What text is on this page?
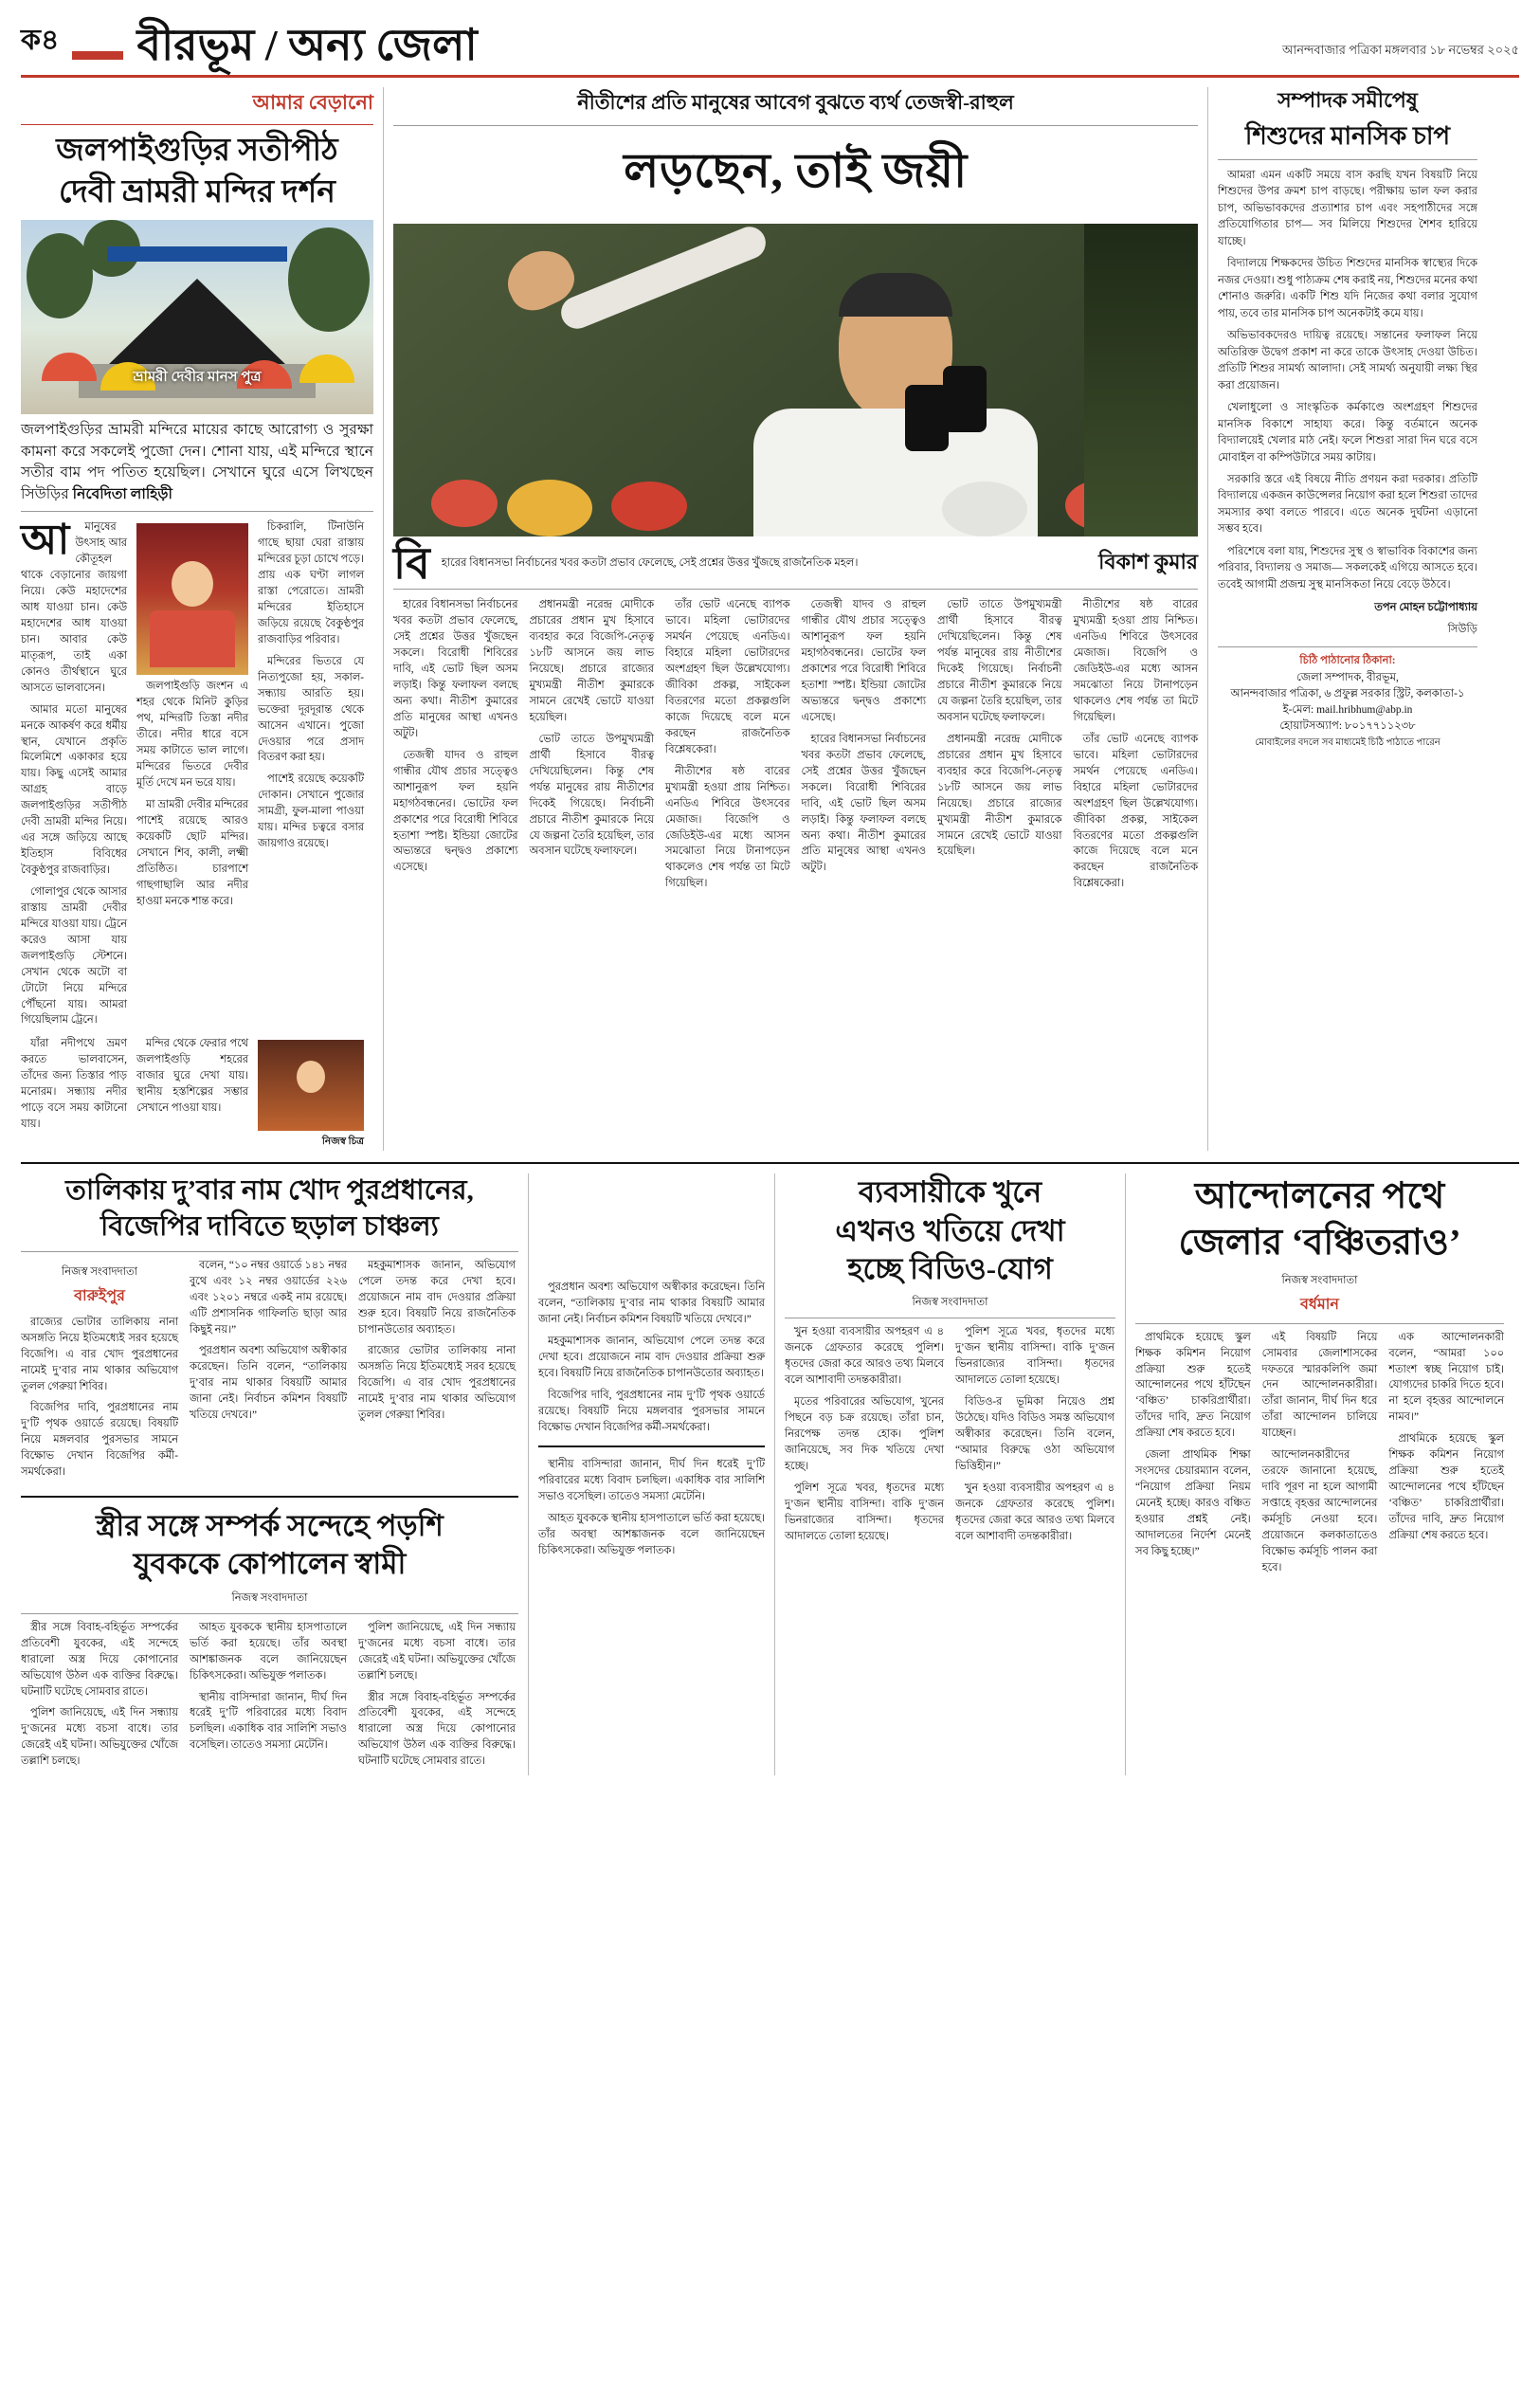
ক৪ বীরভূম / অন্য জেলা	আনন্দবাজার পত্রিকা মঙ্গলবার ১৮ নভেম্বর ২০২৫
আমার বেড়ানো
জলপাইগুড়ির সতীপীঠ
দেবী ভ্রামরী মন্দির দর্শন

ভ্রামরী দেবীর মানস পুত্র
জলপাইগুড়ির ভ্রামরী মন্দিরে মায়ের কাছে আরোগ্য ও সুরক্ষা কামনা করে সকলেই পুজো দেন। শোনা যায়, এই মন্দিরে স্থানে সতীর বাম পদ পতিত হয়েছিল। সেখানে ঘুরে এসে লিখছেন সিউড়ির নিবেদিতা লাহিড়ী
আ	মানুষের উৎসাহ আর কৌতূহল থাকে বেড়ানোর জায়গা নিয়ে। কেউ মহাদেশের আধ যাওয়া চান। কেউ মহাদেশের আধ যাওয়া চান। আবার কেউ মাতৃরূপ, তাই একা কোনও তীর্থস্থানে ঘুরে আসতে ভালবাসেন।

আমার মতো মানুষের মনকে আকর্ষণ করে ধর্মীয় স্থান, যেখানে প্রকৃতি মিলেমিশে একাকার হয়ে যায়। কিছু এসেই আমার আগ্রহ বাড়ে জলপাইগুড়ির সতীপীঠ দেবী ভ্রামরী মন্দির নিয়ে। এর সঙ্গে জড়িয়ে আছে ইতিহাস বিবিধের বৈকুণ্ঠপুর রাজবাড়ির।

গোলাপুর থেকে আসার রাস্তায় ভ্রামরী দেবীর মন্দিরে যাওয়া যায়। ট্রেনে করেও আসা যায় জলপাইগুড়ি স্টেশনে। সেখান থেকে অটো বা টোটো নিয়ে মন্দিরে পৌঁছনো যায়। আমরা গিয়েছিলাম ট্রেনে।

জলপাইগুড়ি জংশন এ শহর থেকে মিনিট কুড়ির পথ, মন্দিরটি তিস্তা নদীর তীরে। নদীর ধারে বসে সময় কাটাতে ভাল লাগে। মন্দিরের ভিতরে দেবীর মূর্তি দেখে মন ভরে যায়।

মা ভ্রামরী দেবীর মন্দিরের পাশেই রয়েছে আরও কয়েকটি ছোট মন্দির। সেখানে শিব, কালী, লক্ষ্মী প্রতিষ্ঠিত। চারপাশে গাছগাছালি আর নদীর হাওয়া মনকে শান্ত করে।

চিকরালি, টিনাউনি গাছে ছায়া ঘেরা রাস্তায় মন্দিরের চূড়া চোখে পড়ে। প্রায় এক ঘণ্টা লাগল রাস্তা পেরোতে। ভ্রামরী মন্দিরের ইতিহাসে জড়িয়ে রয়েছে বৈকুণ্ঠপুর রাজবাড়ির পরিবার।

মন্দিরের ভিতরে যে নিত্যপুজো হয়, সকাল-সন্ধ্যায় আরতি হয়। ভক্তেরা দূরদূরান্ত থেকে আসেন এখানে। পুজো দেওয়ার পরে প্রসাদ বিতরণ করা হয়।

পাশেই রয়েছে কয়েকটি দোকান। সেখানে পুজোর সামগ্রী, ফুল-মালা পাওয়া যায়। মন্দির চত্বরে বসার জায়গাও রয়েছে।

যাঁরা নদীপথে ভ্রমণ করতে ভালবাসেন, তাঁদের জন্য তিস্তার পাড় মনোরম। সন্ধ্যায় নদীর পাড়ে বসে সময় কাটানো যায়।

মন্দির থেকে ফেরার পথে জলপাইগুড়ি শহরের বাজার ঘুরে দেখা যায়। স্থানীয় হস্তশিল্পের সম্ভার সেখানে পাওয়া যায়।

নিজস্ব চিত্র
নীতীশের প্রতি মানুষের আবেগ বুঝতে ব্যর্থ তেজস্বী-রাহুল
লড়ছেন, তাই জয়ী
বি হারের বিধানসভা নির্বাচনের খবর কতটা প্রভাব ফেলেছে, সেই প্রশ্নের উত্তর খুঁজছে রাজনৈতিক মহল।	বিকাশ কুমার

হারের বিধানসভা নির্বাচনের খবর কতটা প্রভাব ফেলেছে, সেই প্রশ্নের উত্তর খুঁজছেন সকলে। বিরোধী শিবিরের দাবি, এই ভোট ছিল অসম লড়াই। কিন্তু ফলাফল বলছে অন্য কথা। নীতীশ কুমারের প্রতি মানুষের আস্থা এখনও অটুট।

তেজস্বী যাদব ও রাহুল গান্ধীর যৌথ প্রচার সত্ত্বেও আশানুরূপ ফল হয়নি মহাগঠবন্ধনের। ভোটের ফল প্রকাশের পরে বিরোধী শিবিরে হতাশা স্পষ্ট। ইন্ডিয়া জোটের অভ্যন্তরে দ্বন্দ্বও প্রকাশ্যে এসেছে।

প্রধানমন্ত্রী নরেন্দ্র মোদীকে প্রচারের প্রধান মুখ হিসাবে ব্যবহার করে বিজেপি-নেতৃত্ব ১৮টি আসনে জয় লাভ নিয়েছে। প্রচারে রাজ্যের মুখ্যমন্ত্রী নীতীশ কুমারকে সামনে রেখেই ভোটে যাওয়া হয়েছিল।

ভোট তাতে উপমুখ্যমন্ত্রী প্রার্থী হিসাবে বীরত্ব দেখিয়েছিলেন। কিন্তু শেষ পর্যন্ত মানুষের রায় নীতীশের দিকেই গিয়েছে। নির্বাচনী প্রচারে নীতীশ কুমারকে নিয়ে যে জল্পনা তৈরি হয়েছিল, তার অবসান ঘটেছে ফলাফলে।

তাঁর ভোট এনেছে ব্যাপক ভাবে। মহিলা ভোটারদের সমর্থন পেয়েছে এনডিএ। বিহারে মহিলা ভোটারদের অংশগ্রহণ ছিল উল্লেখযোগ্য। জীবিকা প্রকল্প, সাইকেল বিতরণের মতো প্রকল্পগুলি কাজে দিয়েছে বলে মনে করছেন রাজনৈতিক বিশ্লেষকেরা।

নীতীশের ষষ্ঠ বারের মুখ্যমন্ত্রী হওয়া প্রায় নিশ্চিত। এনডিএ শিবিরে উৎসবের মেজাজ। বিজেপি ও জেডিইউ-এর মধ্যে আসন সমঝোতা নিয়ে টানাপড়েন থাকলেও শেষ পর্যন্ত তা মিটে গিয়েছিল।

তেজস্বী যাদব ও রাহুল গান্ধীর যৌথ প্রচার সত্ত্বেও আশানুরূপ ফল হয়নি মহাগঠবন্ধনের। ভোটের ফল প্রকাশের পরে বিরোধী শিবিরে হতাশা স্পষ্ট। ইন্ডিয়া জোটের অভ্যন্তরে দ্বন্দ্বও প্রকাশ্যে এসেছে।

হারের বিধানসভা নির্বাচনের খবর কতটা প্রভাব ফেলেছে, সেই প্রশ্নের উত্তর খুঁজছেন সকলে। বিরোধী শিবিরের দাবি, এই ভোট ছিল অসম লড়াই। কিন্তু ফলাফল বলছে অন্য কথা। নীতীশ কুমারের প্রতি মানুষের আস্থা এখনও অটুট।

ভোট তাতে উপমুখ্যমন্ত্রী প্রার্থী হিসাবে বীরত্ব দেখিয়েছিলেন। কিন্তু শেষ পর্যন্ত মানুষের রায় নীতীশের দিকেই গিয়েছে। নির্বাচনী প্রচারে নীতীশ কুমারকে নিয়ে যে জল্পনা তৈরি হয়েছিল, তার অবসান ঘটেছে ফলাফলে।

প্রধানমন্ত্রী নরেন্দ্র মোদীকে প্রচারের প্রধান মুখ হিসাবে ব্যবহার করে বিজেপি-নেতৃত্ব ১৮টি আসনে জয় লাভ নিয়েছে। প্রচারে রাজ্যের মুখ্যমন্ত্রী নীতীশ কুমারকে সামনে রেখেই ভোটে যাওয়া হয়েছিল।

নীতীশের ষষ্ঠ বারের মুখ্যমন্ত্রী হওয়া প্রায় নিশ্চিত। এনডিএ শিবিরে উৎসবের মেজাজ। বিজেপি ও জেডিইউ-এর মধ্যে আসন সমঝোতা নিয়ে টানাপড়েন থাকলেও শেষ পর্যন্ত তা মিটে গিয়েছিল।

তাঁর ভোট এনেছে ব্যাপক ভাবে। মহিলা ভোটারদের সমর্থন পেয়েছে এনডিএ। বিহারে মহিলা ভোটারদের অংশগ্রহণ ছিল উল্লেখযোগ্য। জীবিকা প্রকল্প, সাইকেল বিতরণের মতো প্রকল্পগুলি কাজে দিয়েছে বলে মনে করছেন রাজনৈতিক বিশ্লেষকেরা।

সম্পাদক সমীপেষু
শিশুদের মানসিক চাপ

আমরা এমন একটি সময়ে বাস করছি যখন বিষয়টি নিয়ে শিশুদের উপর ক্রমশ চাপ বাড়ছে। পরীক্ষায় ভাল ফল করার চাপ, অভিভাবকদের প্রত্যাশার চাপ এবং সহপাঠীদের সঙ্গে প্রতিযোগিতার চাপ— সব মিলিয়ে শিশুদের শৈশব হারিয়ে যাচ্ছে।

বিদ্যালয়ে শিক্ষকদের উচিত শিশুদের মানসিক স্বাস্থ্যের দিকে নজর দেওয়া। শুধু পাঠ্যক্রম শেষ করাই নয়, শিশুদের মনের কথা শোনাও জরুরি। একটি শিশু যদি নিজের কথা বলার সুযোগ পায়, তবে তার মানসিক চাপ অনেকটাই কমে যায়।

অভিভাবকদেরও দায়িত্ব রয়েছে। সন্তানের ফলাফল নিয়ে অতিরিক্ত উদ্বেগ প্রকাশ না করে তাকে উৎসাহ দেওয়া উচিত। প্রতিটি শিশুর সামর্থ্য আলাদা। সেই সামর্থ্য অনুযায়ী লক্ষ্য স্থির করা প্রয়োজন।

খেলাধুলো ও সাংস্কৃতিক কর্মকাণ্ডে অংশগ্রহণ শিশুদের মানসিক বিকাশে সাহায্য করে। কিন্তু বর্তমানে অনেক বিদ্যালয়েই খেলার মাঠ নেই। ফলে শিশুরা সারা দিন ঘরে বসে মোবাইল বা কম্পিউটারে সময় কাটায়।

সরকারি স্তরে এই বিষয়ে নীতি প্রণয়ন করা দরকার। প্রতিটি বিদ্যালয়ে একজন কাউন্সেলর নিয়োগ করা হলে শিশুরা তাদের সমস্যার কথা বলতে পারবে। এতে অনেক দুর্ঘটনা এড়ানো সম্ভব হবে।

পরিশেষে বলা যায়, শিশুদের সুস্থ ও স্বাভাবিক বিকাশের জন্য পরিবার, বিদ্যালয় ও সমাজ— সকলকেই এগিয়ে আসতে হবে। তবেই আগামী প্রজন্ম সুস্থ মানসিকতা নিয়ে বেড়ে উঠবে।

তপন মোহন চট্টোপাধ্যায়
সিউড়ি
চিঠি পাঠানোর ঠিকানা:
জেলা সম্পাদক, বীরভূম,
আনন্দবাজার পত্রিকা, ৬ প্রফুল্ল সরকার স্ট্রিট, কলকাতা-১
ই-মেল: mail.hribhum@abp.in
হোয়াটসঅ্যাপ: ৮০১৭৭১১২৩৮
মোবাইলের বদলে সব মাধ্যমেই চিঠি পাঠাতে পারেন
তালিকায় দু’বার নাম খোদ পুরপ্রধানের,
বিজেপির দাবিতে ছড়াল চাঞ্চল্য
নিজস্ব সংবাদদাতা
বারুইপুর

রাজ্যের ভোটার তালিকায় নানা অসঙ্গতি নিয়ে ইতিমধ্যেই সরব হয়েছে বিজেপি। এ বার খোদ পুরপ্রধানের নামেই দু’বার নাম থাকার অভিযোগ তুলল গেরুয়া শিবির।

বিজেপির দাবি, পুরপ্রধানের নাম দু’টি পৃথক ওয়ার্ডে রয়েছে। বিষয়টি নিয়ে মঙ্গলবার পুরসভার সামনে বিক্ষোভ দেখান বিজেপির কর্মী-সমর্থকেরা।

বলেন, “১০ নম্বর ওয়ার্ডে ১৪১ নম্বর বুথে এবং ১২ নম্বর ওয়ার্ডের ২২৬ এবং ১২০১ নম্বরে একই নাম রয়েছে। এটি প্রশাসনিক গাফিলতি ছাড়া আর কিছুই নয়।”

পুরপ্রধান অবশ্য অভিযোগ অস্বীকার করেছেন। তিনি বলেন, “তালিকায় দু’বার নাম থাকার বিষয়টি আমার জানা নেই। নির্বাচন কমিশন বিষয়টি খতিয়ে দেখবে।”

মহকুমাশাসক জানান, অভিযোগ পেলে তদন্ত করে দেখা হবে। প্রয়োজনে নাম বাদ দেওয়ার প্রক্রিয়া শুরু হবে। বিষয়টি নিয়ে রাজনৈতিক চাপানউতোর অব্যাহত।

রাজ্যের ভোটার তালিকায় নানা অসঙ্গতি নিয়ে ইতিমধ্যেই সরব হয়েছে বিজেপি। এ বার খোদ পুরপ্রধানের নামেই দু’বার নাম থাকার অভিযোগ তুলল গেরুয়া শিবির।

স্ত্রীর সঙ্গে সম্পর্ক সন্দেহে পড়শি
যুবককে কোপালেন স্বামী
নিজস্ব সংবাদদাতা

স্ত্রীর সঙ্গে বিবাহ-বহির্ভূত সম্পর্কের প্রতিবেশী যুবকের, এই সন্দেহে ধারালো অস্ত্র দিয়ে কোপানোর অভিযোগ উঠল এক ব্যক্তির বিরুদ্ধে। ঘটনাটি ঘটেছে সোমবার রাতে।

পুলিশ জানিয়েছে, এই দিন সন্ধ্যায় দু’জনের মধ্যে বচসা বাধে। তার জেরেই এই ঘটনা। অভিযুক্তের খোঁজে তল্লাশি চলছে।

আহত যুবককে স্থানীয় হাসপাতালে ভর্তি করা হয়েছে। তাঁর অবস্থা আশঙ্কাজনক বলে জানিয়েছেন চিকিৎসকেরা। অভিযুক্ত পলাতক।

স্থানীয় বাসিন্দারা জানান, দীর্ঘ দিন ধরেই দু’টি পরিবারের মধ্যে বিবাদ চলছিল। একাধিক বার সালিশি সভাও বসেছিল। তাতেও সমস্যা মেটেনি।

পুলিশ জানিয়েছে, এই দিন সন্ধ্যায় দু’জনের মধ্যে বচসা বাধে। তার জেরেই এই ঘটনা। অভিযুক্তের খোঁজে তল্লাশি চলছে।

স্ত্রীর সঙ্গে বিবাহ-বহির্ভূত সম্পর্কের প্রতিবেশী যুবকের, এই সন্দেহে ধারালো অস্ত্র দিয়ে কোপানোর অভিযোগ উঠল এক ব্যক্তির বিরুদ্ধে। ঘটনাটি ঘটেছে সোমবার রাতে।

পুরপ্রধান অবশ্য অভিযোগ অস্বীকার করেছেন। তিনি বলেন, “তালিকায় দু’বার নাম থাকার বিষয়টি আমার জানা নেই। নির্বাচন কমিশন বিষয়টি খতিয়ে দেখবে।”

মহকুমাশাসক জানান, অভিযোগ পেলে তদন্ত করে দেখা হবে। প্রয়োজনে নাম বাদ দেওয়ার প্রক্রিয়া শুরু হবে। বিষয়টি নিয়ে রাজনৈতিক চাপানউতোর অব্যাহত।

বিজেপির দাবি, পুরপ্রধানের নাম দু’টি পৃথক ওয়ার্ডে রয়েছে। বিষয়টি নিয়ে মঙ্গলবার পুরসভার সামনে বিক্ষোভ দেখান বিজেপির কর্মী-সমর্থকেরা।

স্থানীয় বাসিন্দারা জানান, দীর্ঘ দিন ধরেই দু’টি পরিবারের মধ্যে বিবাদ চলছিল। একাধিক বার সালিশি সভাও বসেছিল। তাতেও সমস্যা মেটেনি।

আহত যুবককে স্থানীয় হাসপাতালে ভর্তি করা হয়েছে। তাঁর অবস্থা আশঙ্কাজনক বলে জানিয়েছেন চিকিৎসকেরা। অভিযুক্ত পলাতক।

ব্যবসায়ীকে খুনে
এখনও খতিয়ে দেখা
হচ্ছে বিডিও-যোগ
নিজস্ব সংবাদদাতা

খুন হওয়া ব্যবসায়ীর অপহরণ এ ৪ জনকে গ্রেফতার করেছে পুলিশ। ধৃতদের জেরা করে আরও তথ্য মিলবে বলে আশাবাদী তদন্তকারীরা।

মৃতের পরিবারের অভিযোগ, খুনের পিছনে বড় চক্র রয়েছে। তাঁরা চান, নিরপেক্ষ তদন্ত হোক। পুলিশ জানিয়েছে, সব দিক খতিয়ে দেখা হচ্ছে।

পুলিশ সূত্রে খবর, ধৃতদের মধ্যে দু’জন স্থানীয় বাসিন্দা। বাকি দু’জন ভিনরাজ্যের বাসিন্দা। ধৃতদের আদালতে তোলা হয়েছে।

পুলিশ সূত্রে খবর, ধৃতদের মধ্যে দু’জন স্থানীয় বাসিন্দা। বাকি দু’জন ভিনরাজ্যের বাসিন্দা। ধৃতদের আদালতে তোলা হয়েছে।

বিডিও-র ভূমিকা নিয়েও প্রশ্ন উঠেছে। যদিও বিডিও সমস্ত অভিযোগ অস্বীকার করেছেন। তিনি বলেন, “আমার বিরুদ্ধে ওঠা অভিযোগ ভিত্তিহীন।”

খুন হওয়া ব্যবসায়ীর অপহরণ এ ৪ জনকে গ্রেফতার করেছে পুলিশ। ধৃতদের জেরা করে আরও তথ্য মিলবে বলে আশাবাদী তদন্তকারীরা।

আন্দোলনের পথে
জেলার ‘বঞ্চিতরাও’
নিজস্ব সংবাদদাতা
বর্ধমান

প্রাথমিকে হয়েছে স্কুল শিক্ষক কমিশন নিয়োগ প্রক্রিয়া শুরু হতেই আন্দোলনের পথে হাঁটছেন ‘বঞ্চিত’ চাকরিপ্রার্থীরা। তাঁদের দাবি, দ্রুত নিয়োগ প্রক্রিয়া শেষ করতে হবে।

জেলা প্রাথমিক শিক্ষা সংসদের চেয়ারম্যান বলেন, “নিয়োগ প্রক্রিয়া নিয়ম মেনেই হচ্ছে। কারও বঞ্চিত হওয়ার প্রশ্নই নেই। আদালতের নির্দেশ মেনেই সব কিছু হচ্ছে।”

এই বিষয়টি নিয়ে সোমবার জেলাশাসকের দফতরে স্মারকলিপি জমা দেন আন্দোলনকারীরা। তাঁরা জানান, দীর্ঘ দিন ধরে তাঁরা আন্দোলন চালিয়ে যাচ্ছেন।

আন্দোলনকারীদের তরফে জানানো হয়েছে, দাবি পূরণ না হলে আগামী সপ্তাহে বৃহত্তর আন্দোলনের কর্মসূচি নেওয়া হবে। প্রয়োজনে কলকাতাতেও বিক্ষোভ কর্মসূচি পালন করা হবে।

এক আন্দোলনকারী বলেন, “আমরা ১০০ শতাংশ স্বচ্ছ নিয়োগ চাই। যোগ্যদের চাকরি দিতে হবে। না হলে বৃহত্তর আন্দোলনে নামব।”

প্রাথমিকে হয়েছে স্কুল শিক্ষক কমিশন নিয়োগ প্রক্রিয়া শুরু হতেই আন্দোলনের পথে হাঁটছেন ‘বঞ্চিত’ চাকরিপ্রার্থীরা। তাঁদের দাবি, দ্রুত নিয়োগ প্রক্রিয়া শেষ করতে হবে।
